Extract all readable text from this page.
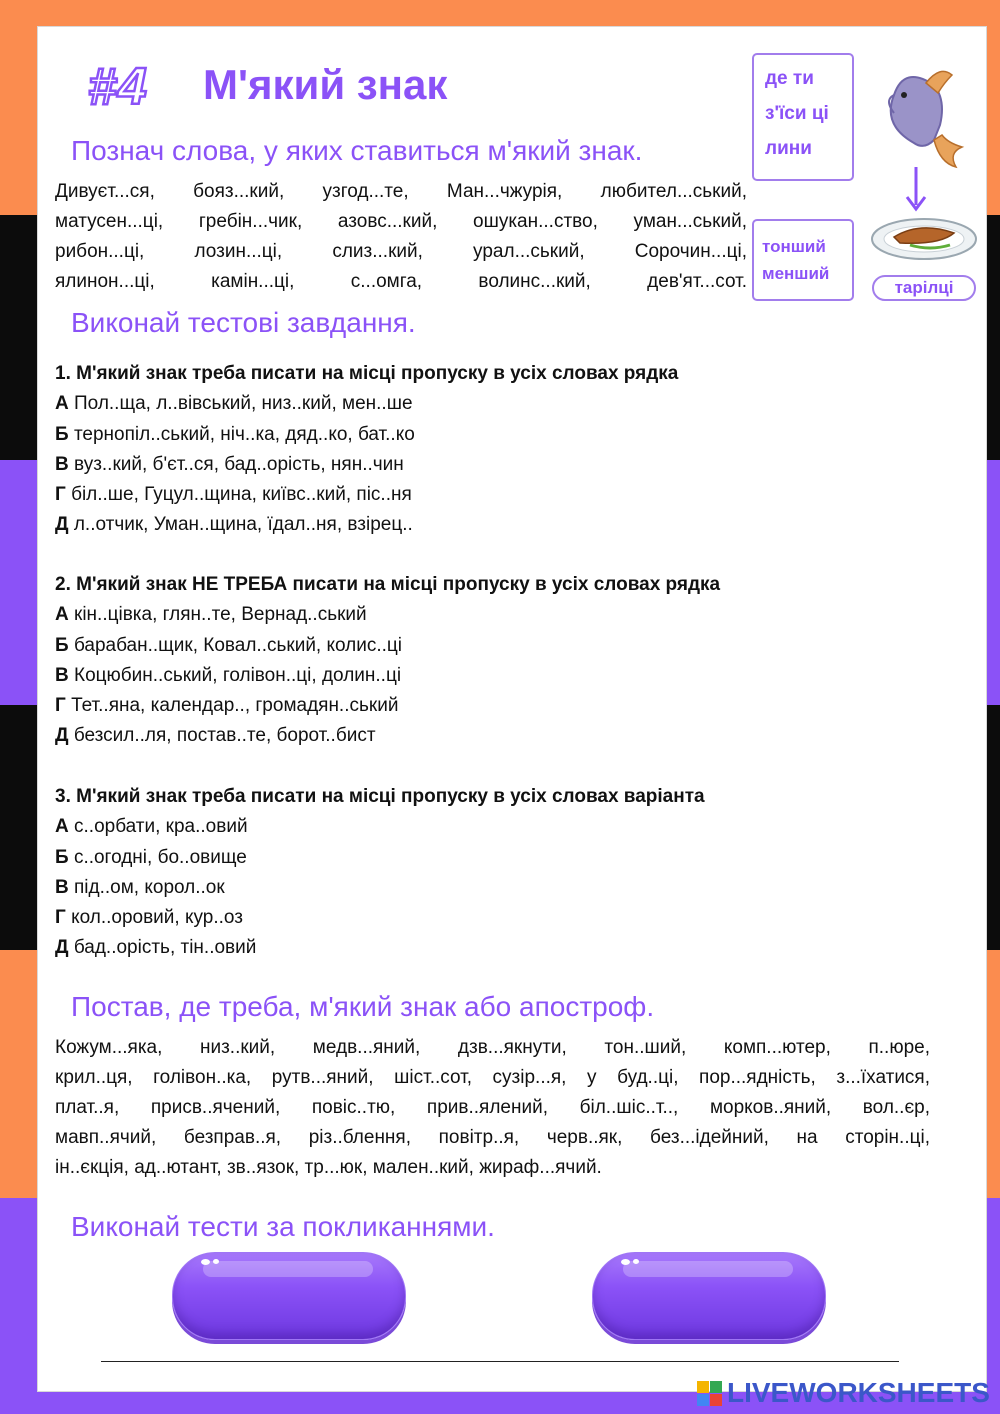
#4 М'який знак
Познач слова, у яких ставиться м'який знак.
Дивуєт...ся, бояз...кий, узгод...те, Ман...чжурія, любител...ський,
матусен...ці, гребін...чик, азовс...кий, ошукан...ство, уман...ський,
рибон...ці, лозин...ці, слиз...кий, урал...ський, Сорочин...ці,
ялинон...ці, камін...ці, с...омга, волинс...кий, дев'ят...сот.
де ти
з'їси ці
лини
тонший
менший
тарілці
Виконай тестові завдання.
1. М'який знак треба писати на місці пропуску в усіх словах рядка
А Пол..ща, л..вівський, низ..кий, мен..ше
Б тернопіл..ський, ніч..ка, дяд..ко, бат..ко
В вуз..кий, б'єт..ся, бад..орість, нян..чин
Г біл..ше, Гуцул..щина, київс..кий, піс..ня
Д л..отчик, Уман..щина, їдал..ня, взірец..
2. М'який знак НЕ ТРЕБА писати на місці пропуску в усіх словах рядка
А кін..цівка, глян..те, Вернад..ський
Б барабан..щик, Ковал..ський, колис..ці
В Коцюбин..ський, голівон..ці, долин..ці
Г Тет..яна, календар.., громадян..ський
Д безсил..ля, постав..те, борот..бист
3. М'який знак треба писати на місці пропуску в усіх словах варіанта
А с..орбати, кра..овий
Б с..огодні, бо..овище
В під..ом, корол..ок
Г кол..оровий, кур..оз
Д бад..орість, тін..овий
Постав, де треба, м'який знак або апостроф.
Кожум...яка, низ..кий, медв...яний, дзв...якнути, тон..ший, комп...ютер, п..юре,
крил..ця, голівон..ка, рутв...яний, шіст..сот, сузір...я, у буд..ці, пор...ядність, з...їхатися,
плат..я, присв..ячений, повіс..тю, прив..ялений, біл..шіс..т.., морков..яний, вол..єр,
мавп..ячий, безправ..я, різ..блення, повітр..я, черв..як, без...ідейний, на сторін..ці,
ін..єкція, ад..ютант, зв..язок, тр...юк, мален..кий, жираф...ячий.
Виконай тести за покликаннями.
LIVEWORKSHEETS
